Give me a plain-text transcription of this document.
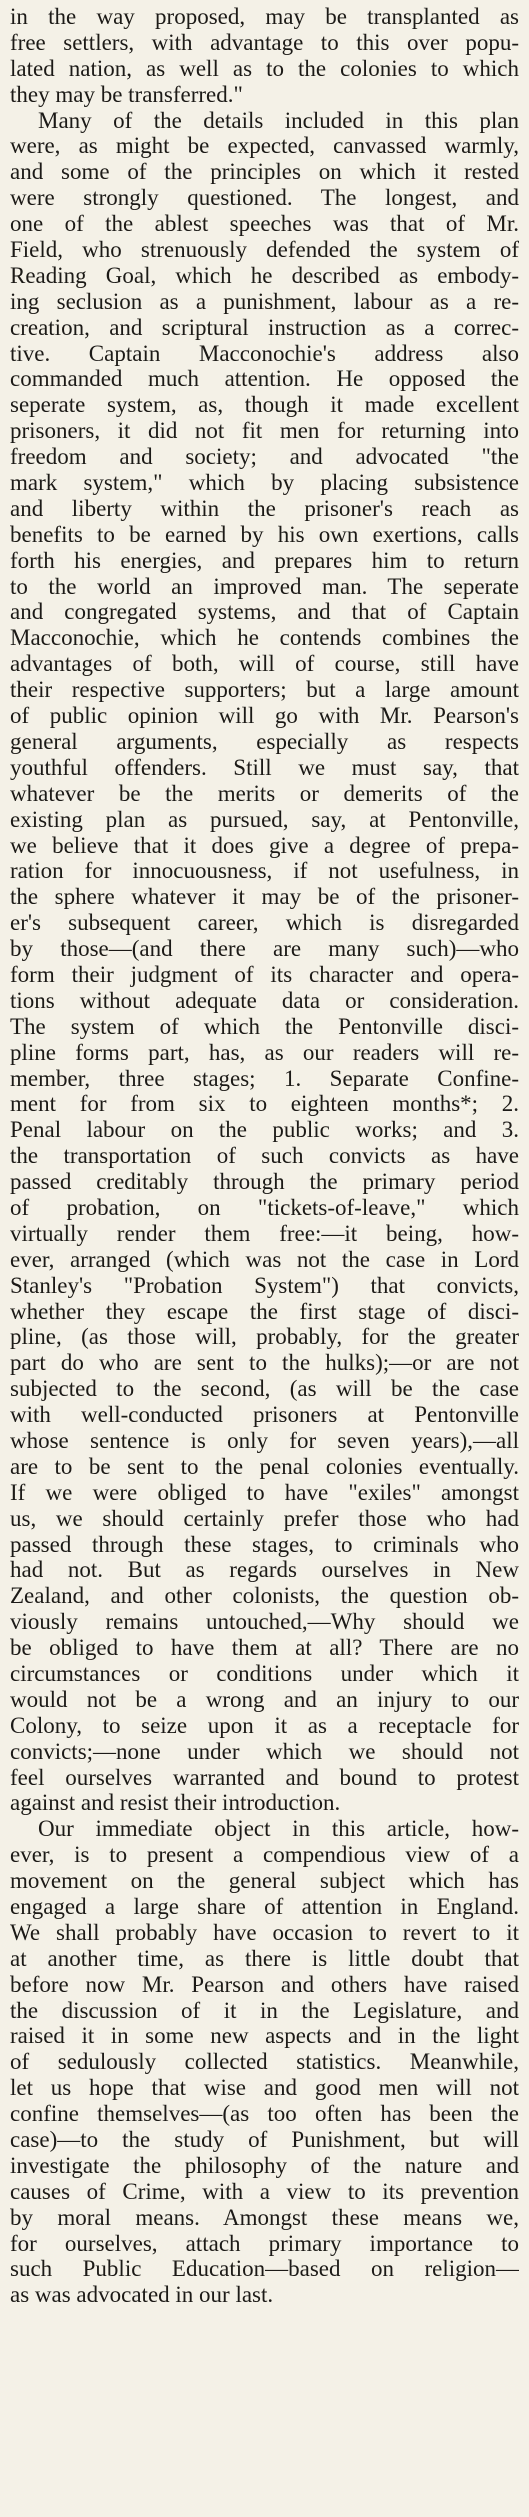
in the way proposed, may be transplanted as
free settlers, with advantage to this over popu-
lated nation, as well as to the colonies to which
they may be transferred."
Many of the details included in this plan
were, as might be expected, canvassed warmly,
and some of the principles on which it rested
were strongly questioned. The longest, and
one of the ablest speeches was that of Mr.
Field, who strenuously defended the system of
Reading Goal, which he described as embody-
ing seclusion as a punishment, labour as a re-
creation, and scriptural instruction as a correc-
tive. Captain Macconochie's address also
commanded much attention. He opposed the
seperate system, as, though it made excellent
prisoners, it did not fit men for returning into
freedom and society; and advocated "the
mark system," which by placing subsistence
and liberty within the prisoner's reach as
benefits to be earned by his own exertions, calls
forth his energies, and prepares him to return
to the world an improved man. The seperate
and congregated systems, and that of Captain
Macconochie, which he contends combines the
advantages of both, will of course, still have
their respective supporters; but a large amount
of public opinion will go with Mr. Pearson's
general arguments, especially as respects
youthful offenders. Still we must say, that
whatever be the merits or demerits of the
existing plan as pursued, say, at Pentonville,
we believe that it does give a degree of prepa-
ration for innocuousness, if not usefulness, in
the sphere whatever it may be of the prisoner-
er's subsequent career, which is disregarded
by those—(and there are many such)—who
form their judgment of its character and opera-
tions without adequate data or consideration.
The system of which the Pentonville disci-
pline forms part, has, as our readers will re-
member, three stages; 1. Separate Confine-
ment for from six to eighteen months*; 2.
Penal labour on the public works; and 3.
the transportation of such convicts as have
passed creditably through the primary period
of probation, on "tickets-of-leave," which
virtually render them free:—it being, how-
ever, arranged (which was not the case in Lord
Stanley's "Probation System") that convicts,
whether they escape the first stage of disci-
pline, (as those will, probably, for the greater
part do who are sent to the hulks);—or are not
subjected to the second, (as will be the case
with well-conducted prisoners at Pentonville
whose sentence is only for seven years),—all
are to be sent to the penal colonies eventually.
If we were obliged to have "exiles" amongst
us, we should certainly prefer those who had
passed through these stages, to criminals who
had not. But as regards ourselves in New
Zealand, and other colonists, the question ob-
viously remains untouched,—Why should we
be obliged to have them at all? There are no
circumstances or conditions under which it
would not be a wrong and an injury to our
Colony, to seize upon it as a receptacle for
convicts;—none under which we should not
feel ourselves warranted and bound to protest
against and resist their introduction.
Our immediate object in this article, how-
ever, is to present a compendious view of a
movement on the general subject which has
engaged a large share of attention in England.
We shall probably have occasion to revert to it
at another time, as there is little doubt that
before now Mr. Pearson and others have raised
the discussion of it in the Legislature, and
raised it in some new aspects and in the light
of sedulously collected statistics. Meanwhile,
let us hope that wise and good men will not
confine themselves—(as too often has been the
case)—to the study of Punishment, but will
investigate the philosophy of the nature and
causes of Crime, with a view to its prevention
by moral means. Amongst these means we,
for ourselves, attach primary importance to
such Public Education—based on religion—
as was advocated in our last.
